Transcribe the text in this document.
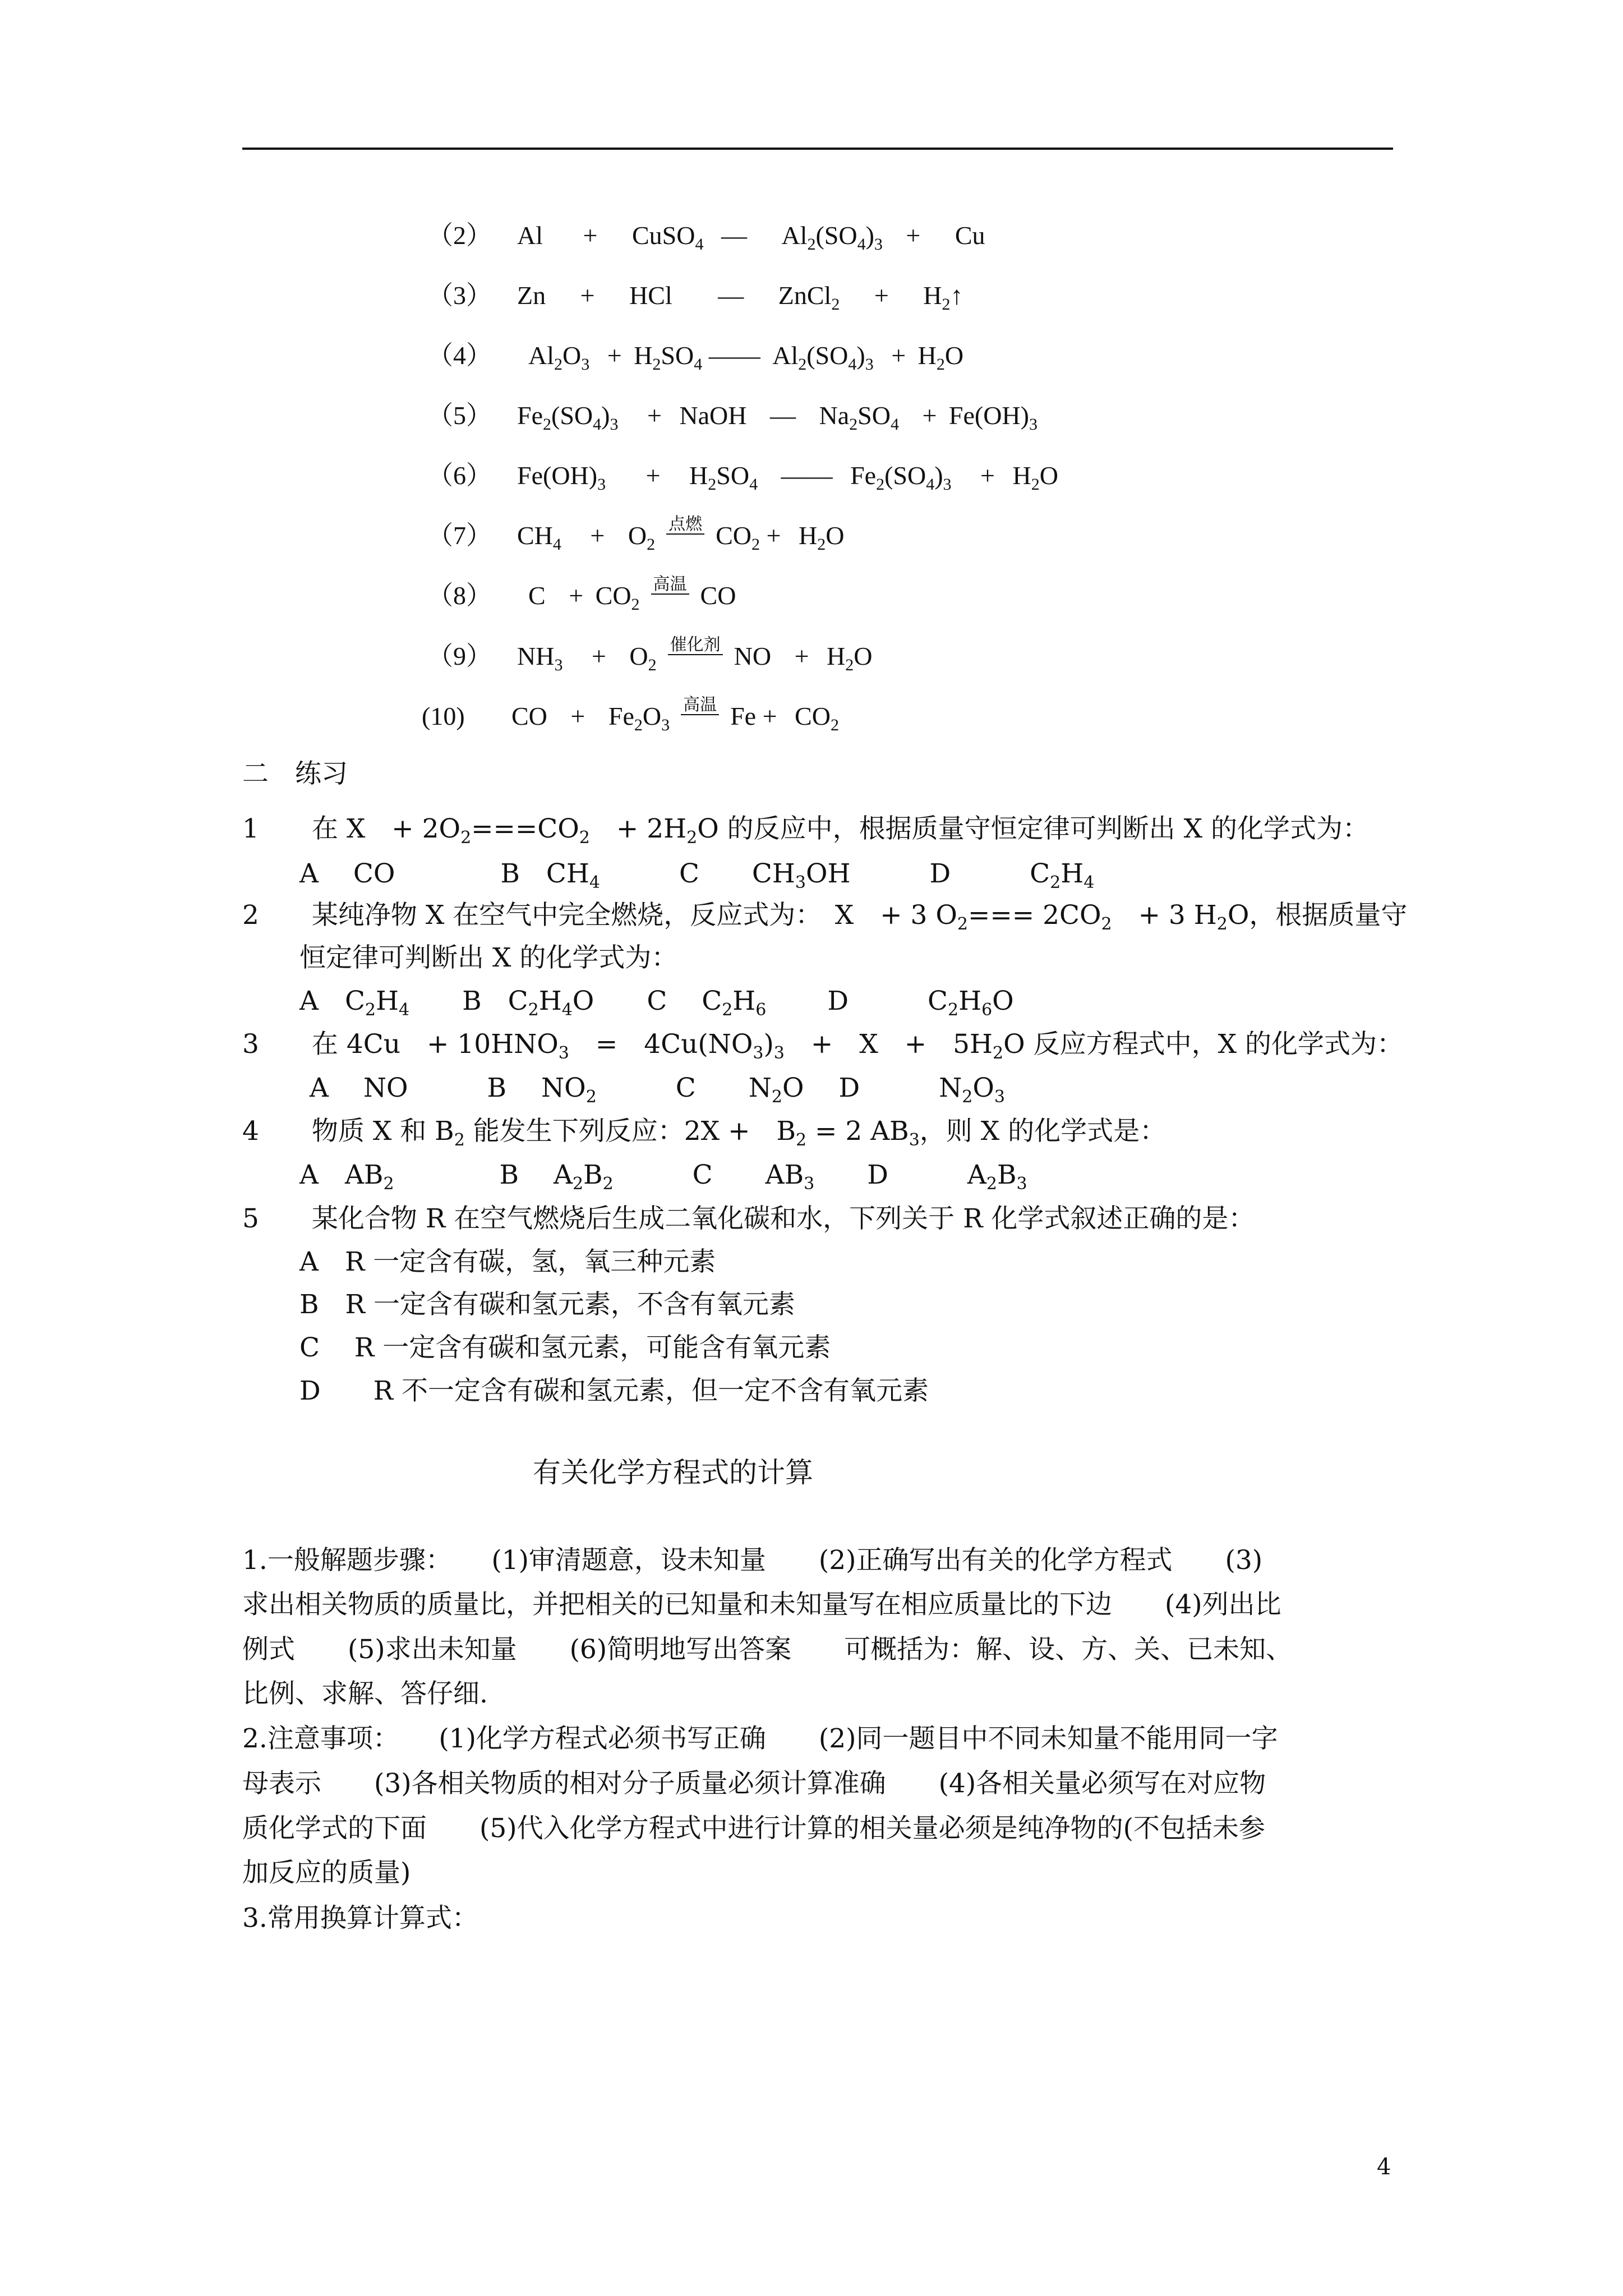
（2） Al + CuSO$_4$ — $Al_2(SO_4)_3 + Cu$
（3） Zn + HCl — ZnCl$_2$ + $H_2↑$
（4） $Al_2O_3 + H_2SO_4$ —— $Al_2(SO_4)_3 + H_2O$
（5） $Fe_2(SO_4)_3$ + NaOH — $Na_2SO_4 + Fe(OH)_3$
（6） $Fe(OH)_3 + H_2SO_4$ —— $Fe_2(SO_4)_3 + H_2O$
（7） $CH_4 + O_2$点燃 $CO_2 + H_2O$
（8） $C + CO_2$高温 CO
（9） $NH_3 + O_2$催化剂 NO + $H_2O$
(10) CO + $Fe_2O_3$高温 $Fe + CO_2$
二　练习
1　　在 X　+ $2O_2===CO_2$　+ $2H_2O$ 的反应中，根据质量守恒定律可判断出 X 的化学式为：
A　 CO　　　　B　$CH_4$　　　C　　$CH_3OH$　　　D　　　$C_2H_4$
2　　某纯净物 X 在空气中完全燃烧，反应式为：　X　+ 3 $O_2=== 2CO_2$　+ 3 $H_2O$，根据质量守
恒定律可判断出 X 的化学式为：
A　$C_2H_4$　　B　$C_2H_4O$　　C　 $C_2H_6$　　 D　　　$C_2H_6O$
3　　在 4Cu　+ $10HNO_3$　=　$4Cu(NO_3)_3$　+　X　+　$5H_2O$ 反应方程式中，X 的化学式为：
A　 NO　　　B　 $NO_2$　　　C　　$N_2O$　 D　　　$N_2O_3$
4　　物质 X 和 $B_2$ 能发生下列反应：2X +　$B_2 = 2$ $AB_3$，则 X 的化学式是：
A　$AB_2$　　　　B　 $A_2B_2$　　　C　　$AB_3$　　D　　　$A_2B_3$
5　　某化合物 R 在空气燃烧后生成二氧化碳和水，下列关于 R 化学式叙述正确的是：
A　R 一定含有碳，氢，氧三种元素
B　R 一定含有碳和氢元素，不含有氧元素
C　 R 一定含有碳和氢元素，可能含有氧元素
D　　R 不一定含有碳和氢元素，但一定不含有氧元素
有关化学方程式的计算
1.一般解题步骤：　　(1)审清题意，设未知量　　(2)正确写出有关的化学方程式　　(3)
求出相关物质的质量比，并把相关的已知量和未知量写在相应质量比的下边　　(4)列出比
例式　　(5)求出未知量　　(6)简明地写出答案　　可概括为：解、设、方、关、已未知、
比例、求解、答仔细.
2.注意事项：　　(1)化学方程式必须书写正确　　(2)同一题目中不同未知量不能用同一字
母表示　　(3)各相关物质的相对分子质量必须计算准确　　(4)各相关量必须写在对应物
质化学式的下面　　(5)代入化学方程式中进行计算的相关量必须是纯净物的(不包括未参
加反应的质量)
3.常用换算计算式：
4
